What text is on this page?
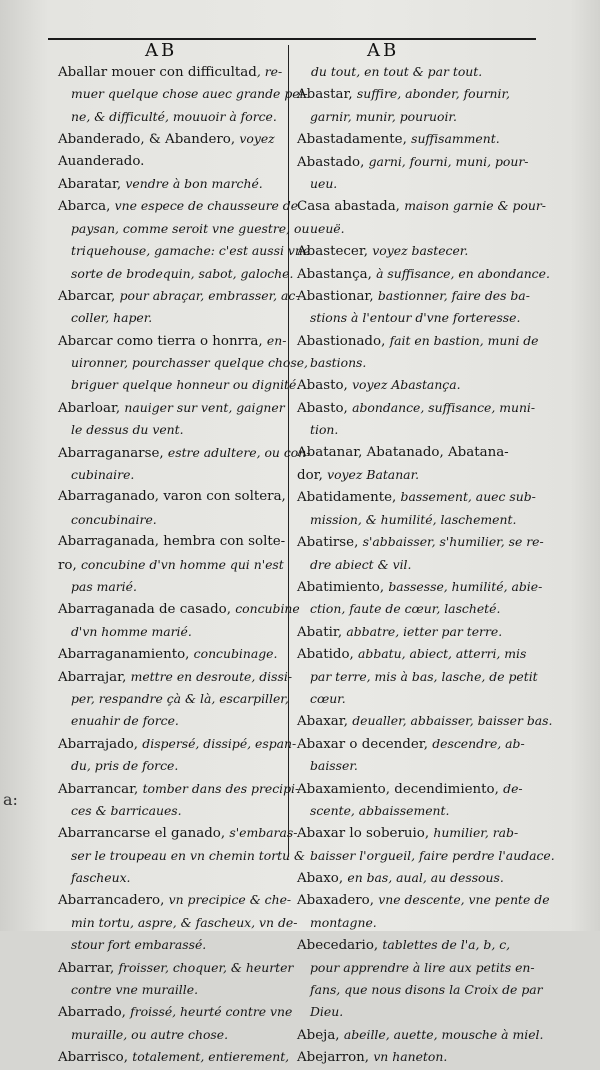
AB	AB
Aballar mouer con difficultad, re-
muer quelque chose auec grande pei-
ne, & difficulté, mouuoir à force.
Abanderado, & Abandero, voyez
Auanderado.
Abaratar, vendre à bon marché.
Abarca, vne espece de chausseure de
paysan, comme seroit vne guestre, ou
triquehouse, gamache: c'est aussi vne
sorte de brodequin, sabot, galoche.
Abarcar, pour abraçar, embrasser, ac-
coller, haper.
Abarcar como tierra o honrra, en-
uironner, pourchasser quelque chose,
briguer quelque honneur ou dignité.
Abarloar, nauiger sur vent, gaigner
le dessus du vent.
Abarraganarse, estre adultere, ou con-
cubinaire.
Abarraganado, varon con soltera,
concubinaire.
Abarraganada, hembra con solte-
ro, concubine d'vn homme qui n'est
pas marié.
Abarraganada de casado, concubine
d'vn homme marié.
Abarraganamiento, concubinage.
Abarrajar, mettre en desroute, dissi-
per, respandre çà & là, escarpiller,
enuahir de force.
Abarrajado, dispersé, dissipé, espan-
du, pris de force.
Abarrancar, tomber dans des precipi-
ces & barricaues.
Abarrancarse el ganado, s'embaras-
ser le troupeau en vn chemin tortu &
fascheux.
Abarrancadero, vn precipice & che-
min tortu, aspre, & fascheux, vn de-
stour fort embarassé.
Abarrar, froisser, choquer, & heurter
contre vne muraille.
Abarrado, froissé, heurté contre vne
muraille, ou autre chose.
Abarrisco, totalement, entierement,
du tout, en tout & par tout.
Abastar, suffire, abonder, fournir,
garnir, munir, pouruoir.
Abastadamente, suffisamment.
Abastado, garni, fourni, muni, pour-
ueu.
Casa abastada, maison garnie & pour-
ueuë.
Abastecer, voyez bastecer.
Abastança, à suffisance, en abondance.
Abastionar, bastionner, faire des ba-
stions à l'entour d'vne forteresse.
Abastionado, fait en bastion, muni de
bastions.
Abasto, voyez Abastança.
Abasto, abondance, suffisance, muni-
tion.
Abatanar, Abatanado, Abatana-
dor, voyez Batanar.
Abatidamente, bassement, auec sub-
mission, & humilité, laschement.
Abatirse, s'abbaisser, s'humilier, se re-
dre abiect & vil.
Abatimiento, bassesse, humilité, abie-
ction, faute de cœur, lascheté.
Abatir, abbatre, ietter par terre.
Abatido, abbatu, abiect, atterri, mis
par terre, mis à bas, lasche, de petit
cœur.
Abaxar, deualler, abbaisser, baisser bas.
Abaxar o decender, descendre, ab-
baisser.
Abaxamiento, decendimiento, de-
scente, abbaissement.
Abaxar lo soberuio, humilier, rab-
baisser l'orgueil, faire perdre l'audace.
Abaxo, en bas, aual, au dessous.
Abaxadero, vne descente, vne pente de
montagne.
Abecedario, tablettes de l'a, b, c,
pour apprendre à lire aux petits en-
fans, que nous disons la Croix de par
Dieu.
Abeja, abeille, auette, mousche à miel.
Abejarron, vn haneton.
a:
